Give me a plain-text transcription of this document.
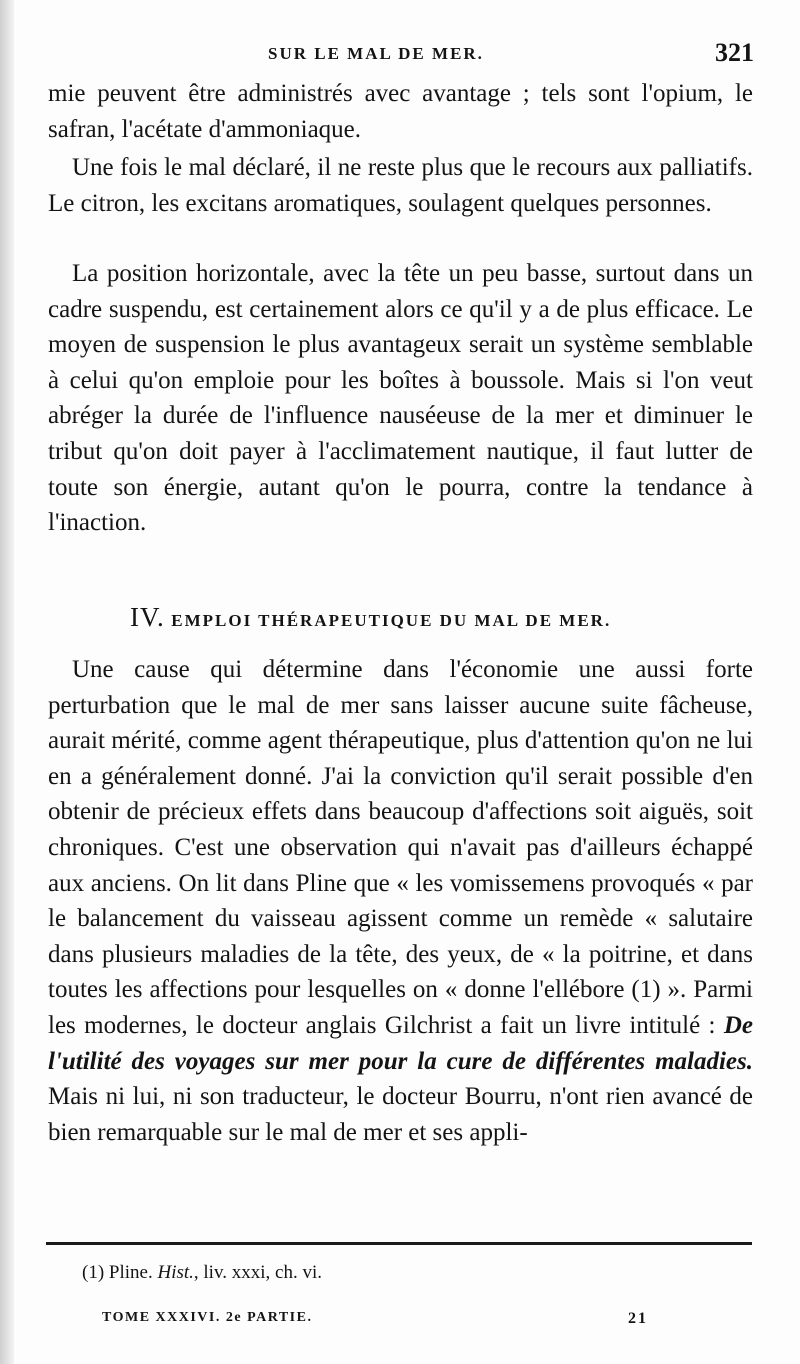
SUR LE MAL DE MER.	321

mie peuvent être administrés avec avantage ; tels sont l'opium, le safran, l'acétate d'ammoniaque.

Une fois le mal déclaré, il ne reste plus que le recours aux palliatifs. Le citron, les excitans aromatiques, soulagent quelques personnes.

La position horizontale, avec la tête un peu basse, surtout dans un cadre suspendu, est certainement alors ce qu'il y a de plus efficace. Le moyen de suspension le plus avantageux serait un système semblable à celui qu'on emploie pour les boîtes à boussole. Mais si l'on veut abréger la durée de l'influence nauséeuse de la mer et diminuer le tribut qu'on doit payer à l'acclimatement nautique, il faut lutter de toute son énergie, autant qu'on le pourra, contre la tendance à l'inaction.

IV. EMPLOI THÉRAPEUTIQUE DU MAL DE MER.

Une cause qui détermine dans l'économie une aussi forte perturbation que le mal de mer sans laisser aucune suite fâcheuse, aurait mérité, comme agent thérapeutique, plus d'attention qu'on ne lui en a généralement donné. J'ai la conviction qu'il serait possible d'en obtenir de précieux effets dans beaucoup d'affections soit aiguës, soit chroniques. C'est une observation qui n'avait pas d'ailleurs échappé aux anciens. On lit dans Pline que « les vomissemens provoqués « par le balancement du vaisseau agissent comme un remède « salutaire dans plusieurs maladies de la tête, des yeux, de « la poitrine, et dans toutes les affections pour lesquelles on « donne l'ellébore (1) ». Parmi les modernes, le docteur anglais Gilchrist a fait un livre intitulé : De l'utilité des voyages sur mer pour la cure de différentes maladies. Mais ni lui, ni son traducteur, le docteur Bourru, n'ont rien avancé de bien remarquable sur le mal de mer et ses appli-

(1) Pline. Hist., liv. xxxi, ch. vi.
TOME XXXIVI. 2e PARTIE.	21
